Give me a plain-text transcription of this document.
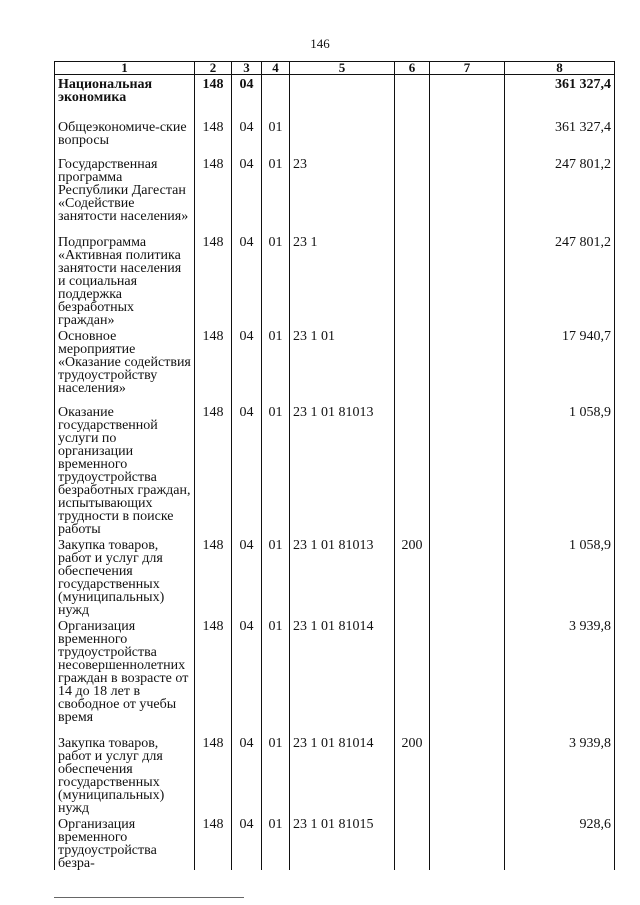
146
1	2	3	4	5	6	7	8
Национальная экономика	148	04					361 327,4
Общеэкономиче-ские вопросы	148	04	01				361 327,4
Государственная программа Республики Дагестан «Содействие занятости населения»	148	04	01	23			247 801,2
Подпрограмма «Активная политика занятости населения и социальная поддержка безработных граждан»	148	04	01	23 1			247 801,2
Основное мероприятие «Оказание содействия трудоустройству населения»	148	04	01	23 1 01			17 940,7
Оказание государственной услуги по организации временного трудоустройства безработных граждан, испытывающих трудности в поиске работы	148	04	01	23 1 01 81013			1 058,9
Закупка товаров, работ и услуг для обеспечения государственных (муниципальных) нужд	148	04	01	23 1 01 81013	200		1 058,9
Организация временного трудоустройства несовершеннолетних граждан в возрасте от 14 до 18 лет в свободное от учебы время	148	04	01	23 1 01 81014			3 939,8
Закупка товаров, работ и услуг для обеспечения государственных (муниципальных) нужд	148	04	01	23 1 01 81014	200		3 939,8
Организация временного трудоустройства безра-	148	04	01	23 1 01 81015			928,6
